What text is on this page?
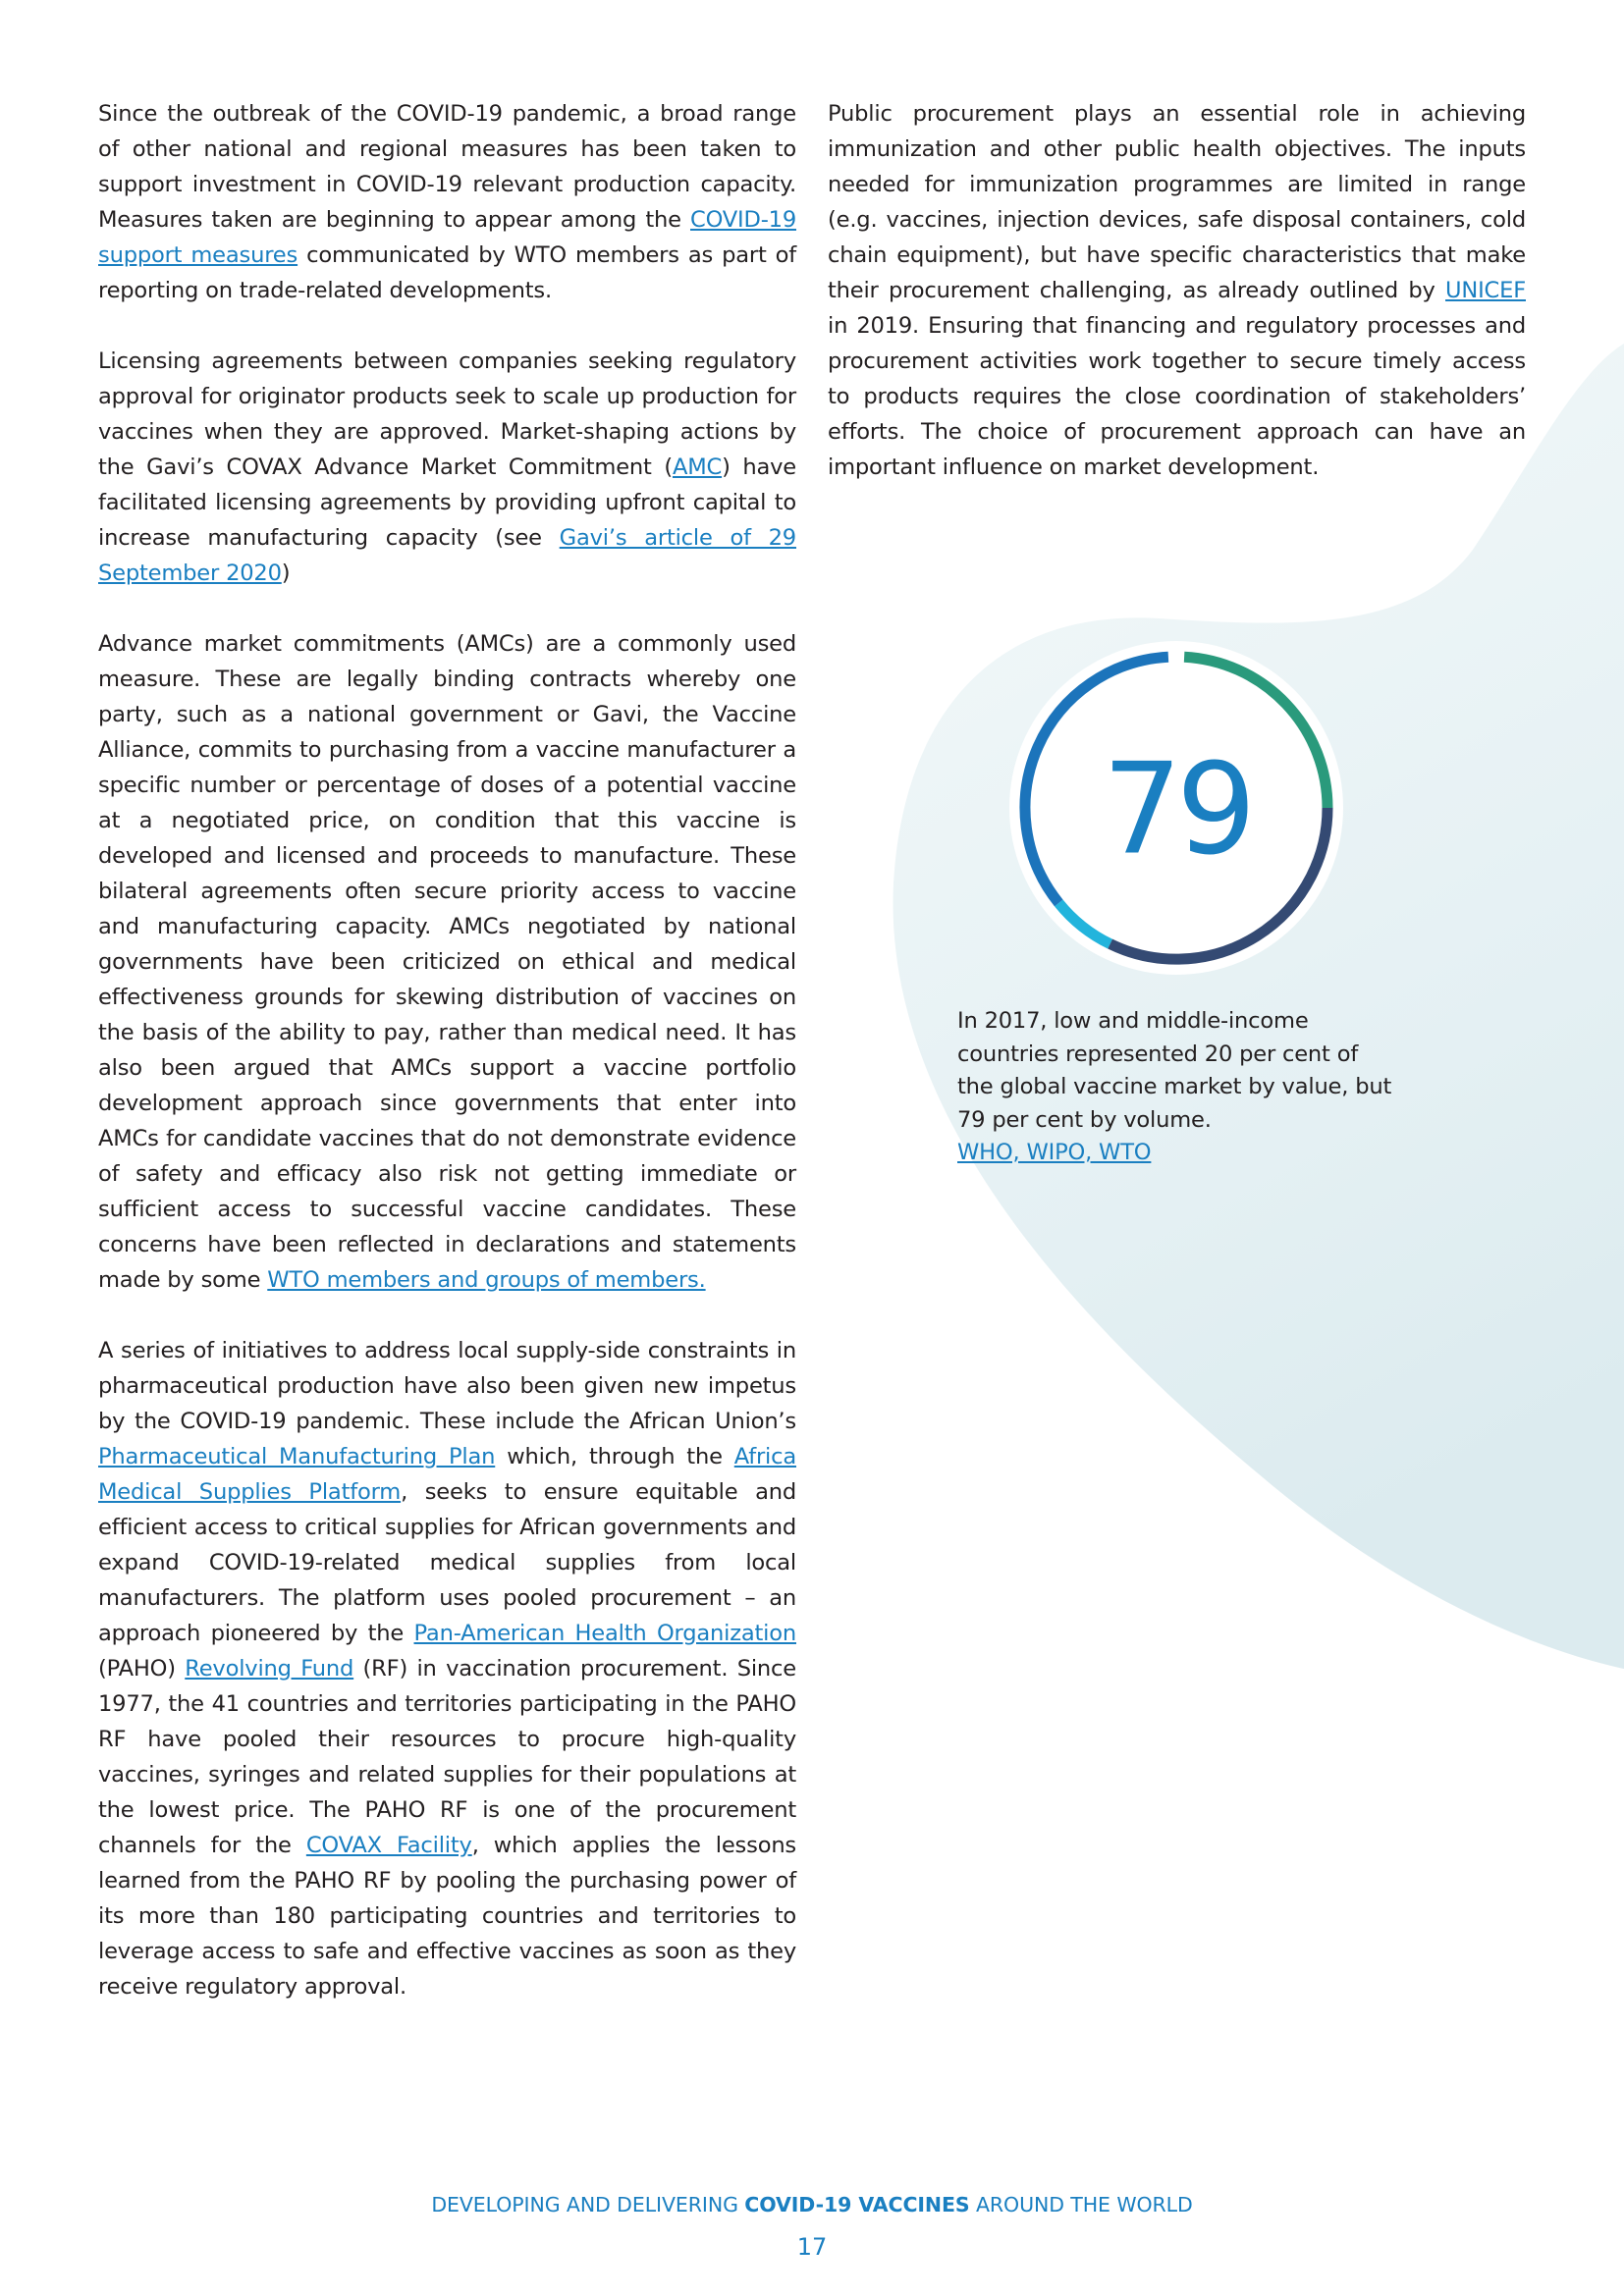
Since the outbreak of the COVID-19 pandemic, a broad range of other national and regional measures has been taken to support investment in COVID-19 relevant production capacity. Measures taken are beginning to appear among the COVID-19 support measures communicated by WTO members as part of reporting on trade-related developments.

Licensing agreements between companies seeking regulatory approval for originator products seek to scale up production for vaccines when they are approved. Market-shaping actions by the Gavi’s COVAX Advance Market Commitment (AMC) have facilitated licensing agreements by providing upfront capital to increase manufacturing capacity (see Gavi’s article of 29 September 2020)

Advance market commitments (AMCs) are a commonly used measure. These are legally binding contracts whereby one party, such as a national government or Gavi, the Vaccine Alliance, commits to purchasing from a vaccine manufacturer a specific number or percentage of doses of a potential vaccine at a negotiated price, on condition that this vaccine is developed and licensed and proceeds to manufacture. These bilateral agreements often secure priority access to vaccine and manufacturing capacity. AMCs negotiated by national governments have been criticized on ethical and medical effectiveness grounds for skewing distribution of vaccines on the basis of the ability to pay, rather than medical need. It has also been argued that AMCs support a vaccine portfolio development approach since governments that enter into AMCs for candidate vaccines that do not demonstrate evidence of safety and efficacy also risk not getting immediate or sufficient access to successful vaccine candidates. These concerns have been reflected in declarations and statements made by some WTO members and groups of members.

A series of initiatives to address local supply-side constraints in pharmaceutical production have also been given new impetus by the COVID-19 pandemic. These include the African Union’s Pharmaceutical Manufacturing Plan which, through the Africa Medical Supplies Platform, seeks to ensure equitable and efficient access to critical supplies for African governments and expand COVID-19-related medical supplies from local manufacturers. The platform uses pooled procurement – an approach pioneered by the Pan-American Health Organization (PAHO) Revolving Fund (RF) in vaccination procurement. Since 1977, the 41 countries and territories participating in the PAHO RF have pooled their resources to procure high-quality vaccines, syringes and related supplies for their populations at the lowest price. The PAHO RF is one of the procurement channels for the COVAX Facility, which applies the lessons learned from the PAHO RF by pooling the purchasing power of its more than 180 participating countries and territories to leverage access to safe and effective vaccines as soon as they receive regulatory approval.

Public procurement plays an essential role in achieving immunization and other public health objectives. The inputs needed for immunization programmes are limited in range (e.g. vaccines, injection devices, safe disposal containers, cold chain equipment), but have specific characteristics that make their procurement challenging, as already outlined by UNICEF in 2019. Ensuring that financing and regulatory processes and procurement activities work together to secure timely access to products requires the close coordination of stakeholders’ efforts. The choice of procurement approach can have an important influence on market development.

79
In 2017, low and middle-income
countries represented 20 per cent of
the global vaccine market by value, but
79 per cent by volume.
WHO, WIPO, WTO
DEVELOPING AND DELIVERING COVID-19 VACCINES AROUND THE WORLD
17
